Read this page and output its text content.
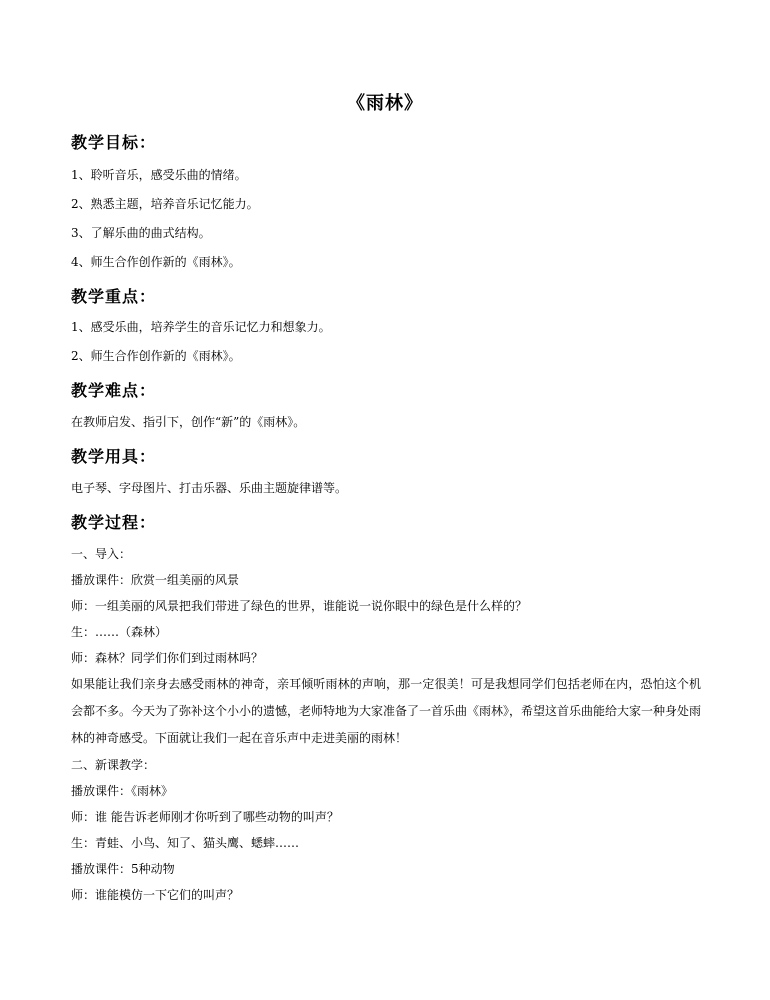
《雨林》

教学目标：

1、聆听音乐，感受乐曲的情绪。

2、熟悉主题，培养音乐记忆能力。

3、了解乐曲的曲式结构。

4、师生合作创作新的《雨林》。

教学重点：

1、感受乐曲，培养学生的音乐记忆力和想象力。

2、师生合作创作新的《雨林》。

教学难点：

在教师启发、指引下，创作“新”的《雨林》。

教学用具：

电子琴、字母图片、打击乐器、乐曲主题旋律谱等。

教学过程：

一、导入：

播放课件：欣赏一组美丽的风景

师：一组美丽的风景把我们带进了绿色的世界，谁能说一说你眼中的绿色是什么样的？

生：……（森林）

师：森林？同学们你们到过雨林吗？

如果能让我们亲身去感受雨林的神奇，亲耳倾听雨林的声响，那一定很美！可是我想同学们包括老师在内，恐怕这个机会都不多。今天为了弥补这个小小的遗憾，老师特地为大家准备了一首乐曲《雨林》，希望这首乐曲能给大家一种身处雨林的神奇感受。下面就让我们一起在音乐声中走进美丽的雨林！

二、新课教学：

播放课件：《雨林》

师：谁 能告诉老师刚才你听到了哪些动物的叫声？

生：青蛙、小鸟、知了、猫头鹰、蟋蟀……

播放课件：5种动物

师：谁能模仿一下它们的叫声？
